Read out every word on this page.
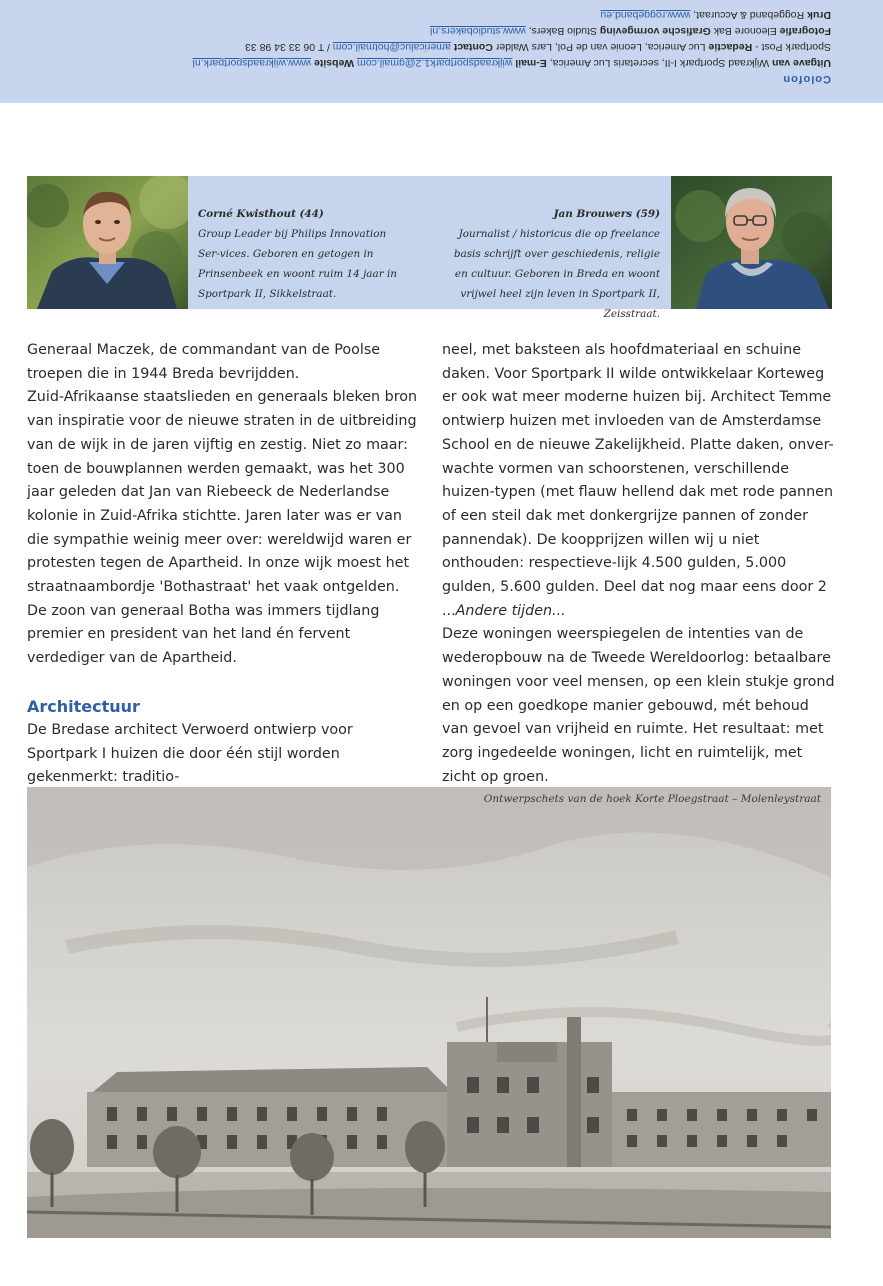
Colofon
Uitgave van Wijkraad Sportpark I-II, secretaris Luc America, E-mail wijkraadsportpark1.2@gmail.com Website www.wijkraadsportpark.nl
Sportpark Post - Redactie Luc America, Leonie van de Pol, Lars Walder Contact americaluc@hotmail.com / T 06 33 34 98 33
Fotografie Eleonore Bak Grafische vormgeving Studio Bakers, www.studiobakers.nl
Druk Roggeband & Accuraat, www.roggeband.eu
Corné Kwisthout (44)
Group Leader bij Philips Innovation Ser-vices. Geboren en getogen in Prinsenbeek en woont ruim 14 jaar in Sportpark II, Sikkelstraat.
Jan Brouwers (59)
Journalist / historicus die op freelance basis schrijft over geschiedenis, religie en cultuur. Geboren in Breda en woont vrijwel heel zijn leven in Sportpark II, Zeisstraat.

Generaal Maczek, de commandant van de Poolse troepen die in 1944 Breda bevrijdden.

Zuid-Afrikaanse staatslieden en generaals bleken bron van inspiratie voor de nieuwe straten in de uitbreiding van de wijk in de jaren vijftig en zestig. Niet zo maar: toen de bouwplannen werden gemaakt, was het 300 jaar geleden dat Jan van Riebeeck de Nederlandse kolonie in Zuid-Afrika stichtte. Jaren later was er van die sympathie weinig meer over: wereldwijd waren er protesten tegen de Apartheid. In onze wijk moest het straatnaambordje 'Bothastraat' het vaak ontgelden. De zoon van generaal Botha was immers tijdlang premier en president van het land én fervent verdediger van de Apartheid.

Architectuur

De Bredase architect Verwoerd ontwierp voor Sportpark I huizen die door één stijl worden gekenmerkt: traditio-

neel, met baksteen als hoofdmateriaal en schuine daken. Voor Sportpark II wilde ontwikkelaar Korteweg er ook wat meer moderne huizen bij. Architect Temme ontwierp huizen met invloeden van de Amsterdamse School en de nieuwe Zakelijkheid. Platte daken, onver-wachte vormen van schoorstenen, verschillende huizen-typen (met flauw hellend dak met rode pannen of een steil dak met donkergrijze pannen of zonder pannendak). De koopprijzen willen wij u niet onthouden: respectieve-lijk 4.500 gulden, 5.000 gulden, 5.600 gulden. Deel dat nog maar eens door 2 ...Andere tijden...

Deze woningen weerspiegelen de intenties van de wederopbouw na de Tweede Wereldoorlog: betaalbare woningen voor veel mensen, op een klein stukje grond en op een goedkope manier gebouwd, mét behoud van gevoel van vrijheid en ruimte. Het resultaat: met zorg ingedeelde woningen, licht en ruimtelijk, met zicht op groen.

Ontwerpschets van de hoek Korte Ploegstraat – Molenleystraat
